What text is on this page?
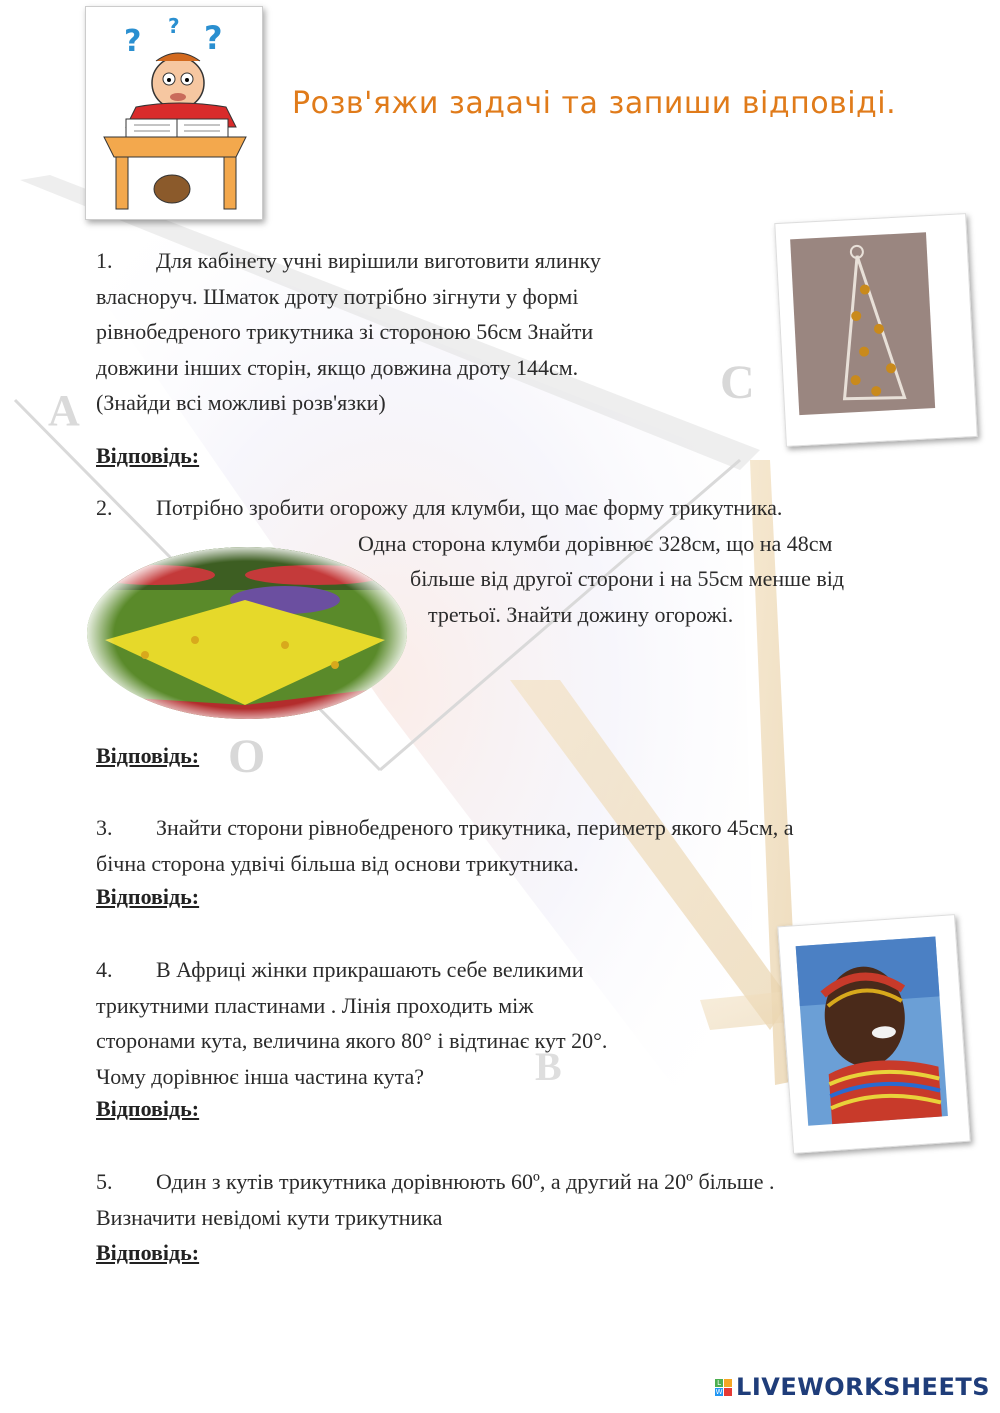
A
C
O
B
? ?
?
Розв'яжи задачі та запиши відповіді.
1. Для кабінету учні вирішили виготовити ялинку
власноруч. Шматок дроту потрібно зігнути у формі
рівнобедреного трикутника зі стороною 56см Знайти
довжини інших сторін, якщо довжина дроту 144см.
(Знайди всі можливі розв'язки)
Відповідь:
2. Потрібно зробити огорожу для клумби, що має форму трикутника.
Одна сторона клумби дорівнює 328см, що на 48см
більше від другої сторони і на 55см менше від
третьої. Знайти дожину огорожі.
Відповідь:
3. Знайти сторони рівнобедреного трикутника, периметр якого 45см, а
бічна сторона удвічі більша від основи трикутника.
Відповідь:
4. В Африці жінки прикрашають себе великими
трикутними пластинами . Лінія проходить між
сторонами кута, величина якого 80° і відтинає кут 20°.
Чому дорівнює інша частина кута?
Відповідь:
5. Один з кутів трикутника дорівнюють 60º, а другий на 20º більше .
Визначити невідомі кути трикутника
Відповідь:
L
W LIVEWORKSHEETS
